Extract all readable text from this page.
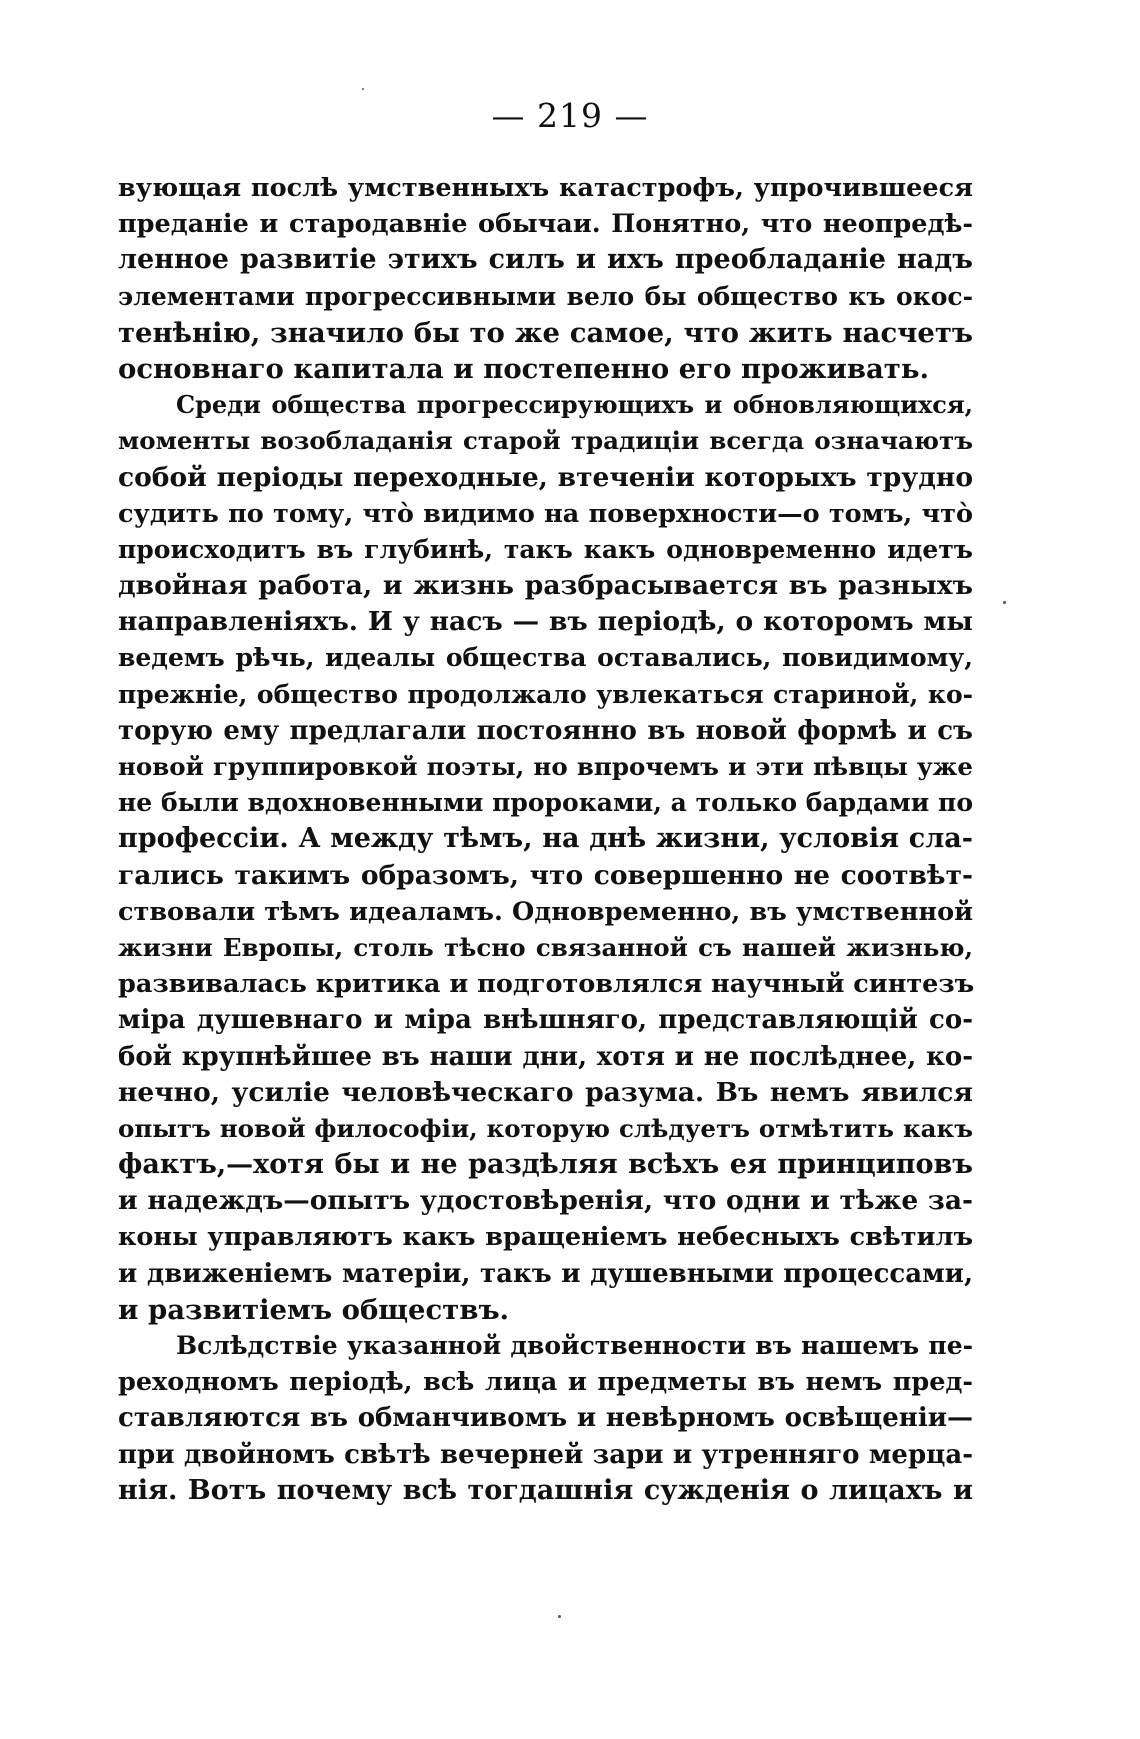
— 219 —
вующая послѣ умственныхъ катастрофъ, упрочившееся
преданіе и стародавніе обычаи. Понятно, что неопредѣ-
ленное развитіе этихъ силъ и ихъ преобладаніе надъ
элементами прогрессивными вело бы общество къ окос-
тенѣнію, значило бы то же самое, что жить насчетъ
основнаго капитала и постепенно его проживать.
Среди общества прогрессирующихъ и обновляющихся,
моменты возобладанія старой традиціи всегда означаютъ
собой періоды переходные, втеченіи которыхъ трудно
судить по тому, что̀ видимо на поверхности—о томъ, что̀
происходитъ въ глубинѣ, такъ какъ одновременно идетъ
двойная работа, и жизнь разбрасывается въ разныхъ
направленіяхъ. И у насъ — въ періодѣ, о которомъ мы
ведемъ рѣчь, идеалы общества оставались, повидимому,
прежніе, общество продолжало увлекаться стариной, ко-
торую ему предлагали постоянно въ новой формѣ и съ
новой группировкой поэты, но впрочемъ и эти пѣвцы уже
не были вдохновенными пророками, а только бардами по
профессіи. А между тѣмъ, на днѣ жизни, условія сла-
гались такимъ образомъ, что совершенно не соотвѣт-
ствовали тѣмъ идеаламъ. Одновременно, въ умственной
жизни Европы, столь тѣсно связанной съ нашей жизнью,
развивалась критика и подготовлялся научный синтезъ
міра душевнаго и міра внѣшняго, представляющій со-
бой крупнѣйшее въ наши дни, хотя и не послѣднее, ко-
нечно, усиліе человѣческаго разума. Въ немъ явился
опытъ новой философіи, которую слѣдуетъ отмѣтить какъ
фактъ,—хотя бы и не раздѣляя всѣхъ ея принциповъ
и надеждъ—опытъ удостовѣренія, что одни и тѣже за-
коны управляютъ какъ вращеніемъ небесныхъ свѣтилъ
и движеніемъ матеріи, такъ и душевными процессами,
и развитіемъ обществъ.
Вслѣдствіе указанной двойственности въ нашемъ пе-
реходномъ періодѣ, всѣ лица и предметы въ немъ пред-
ставляются въ обманчивомъ и невѣрномъ освѣщеніи—
при двойномъ свѣтѣ вечерней зари и утренняго мерца-
нія. Вотъ почему всѣ тогдашнія сужденія о лицахъ и
